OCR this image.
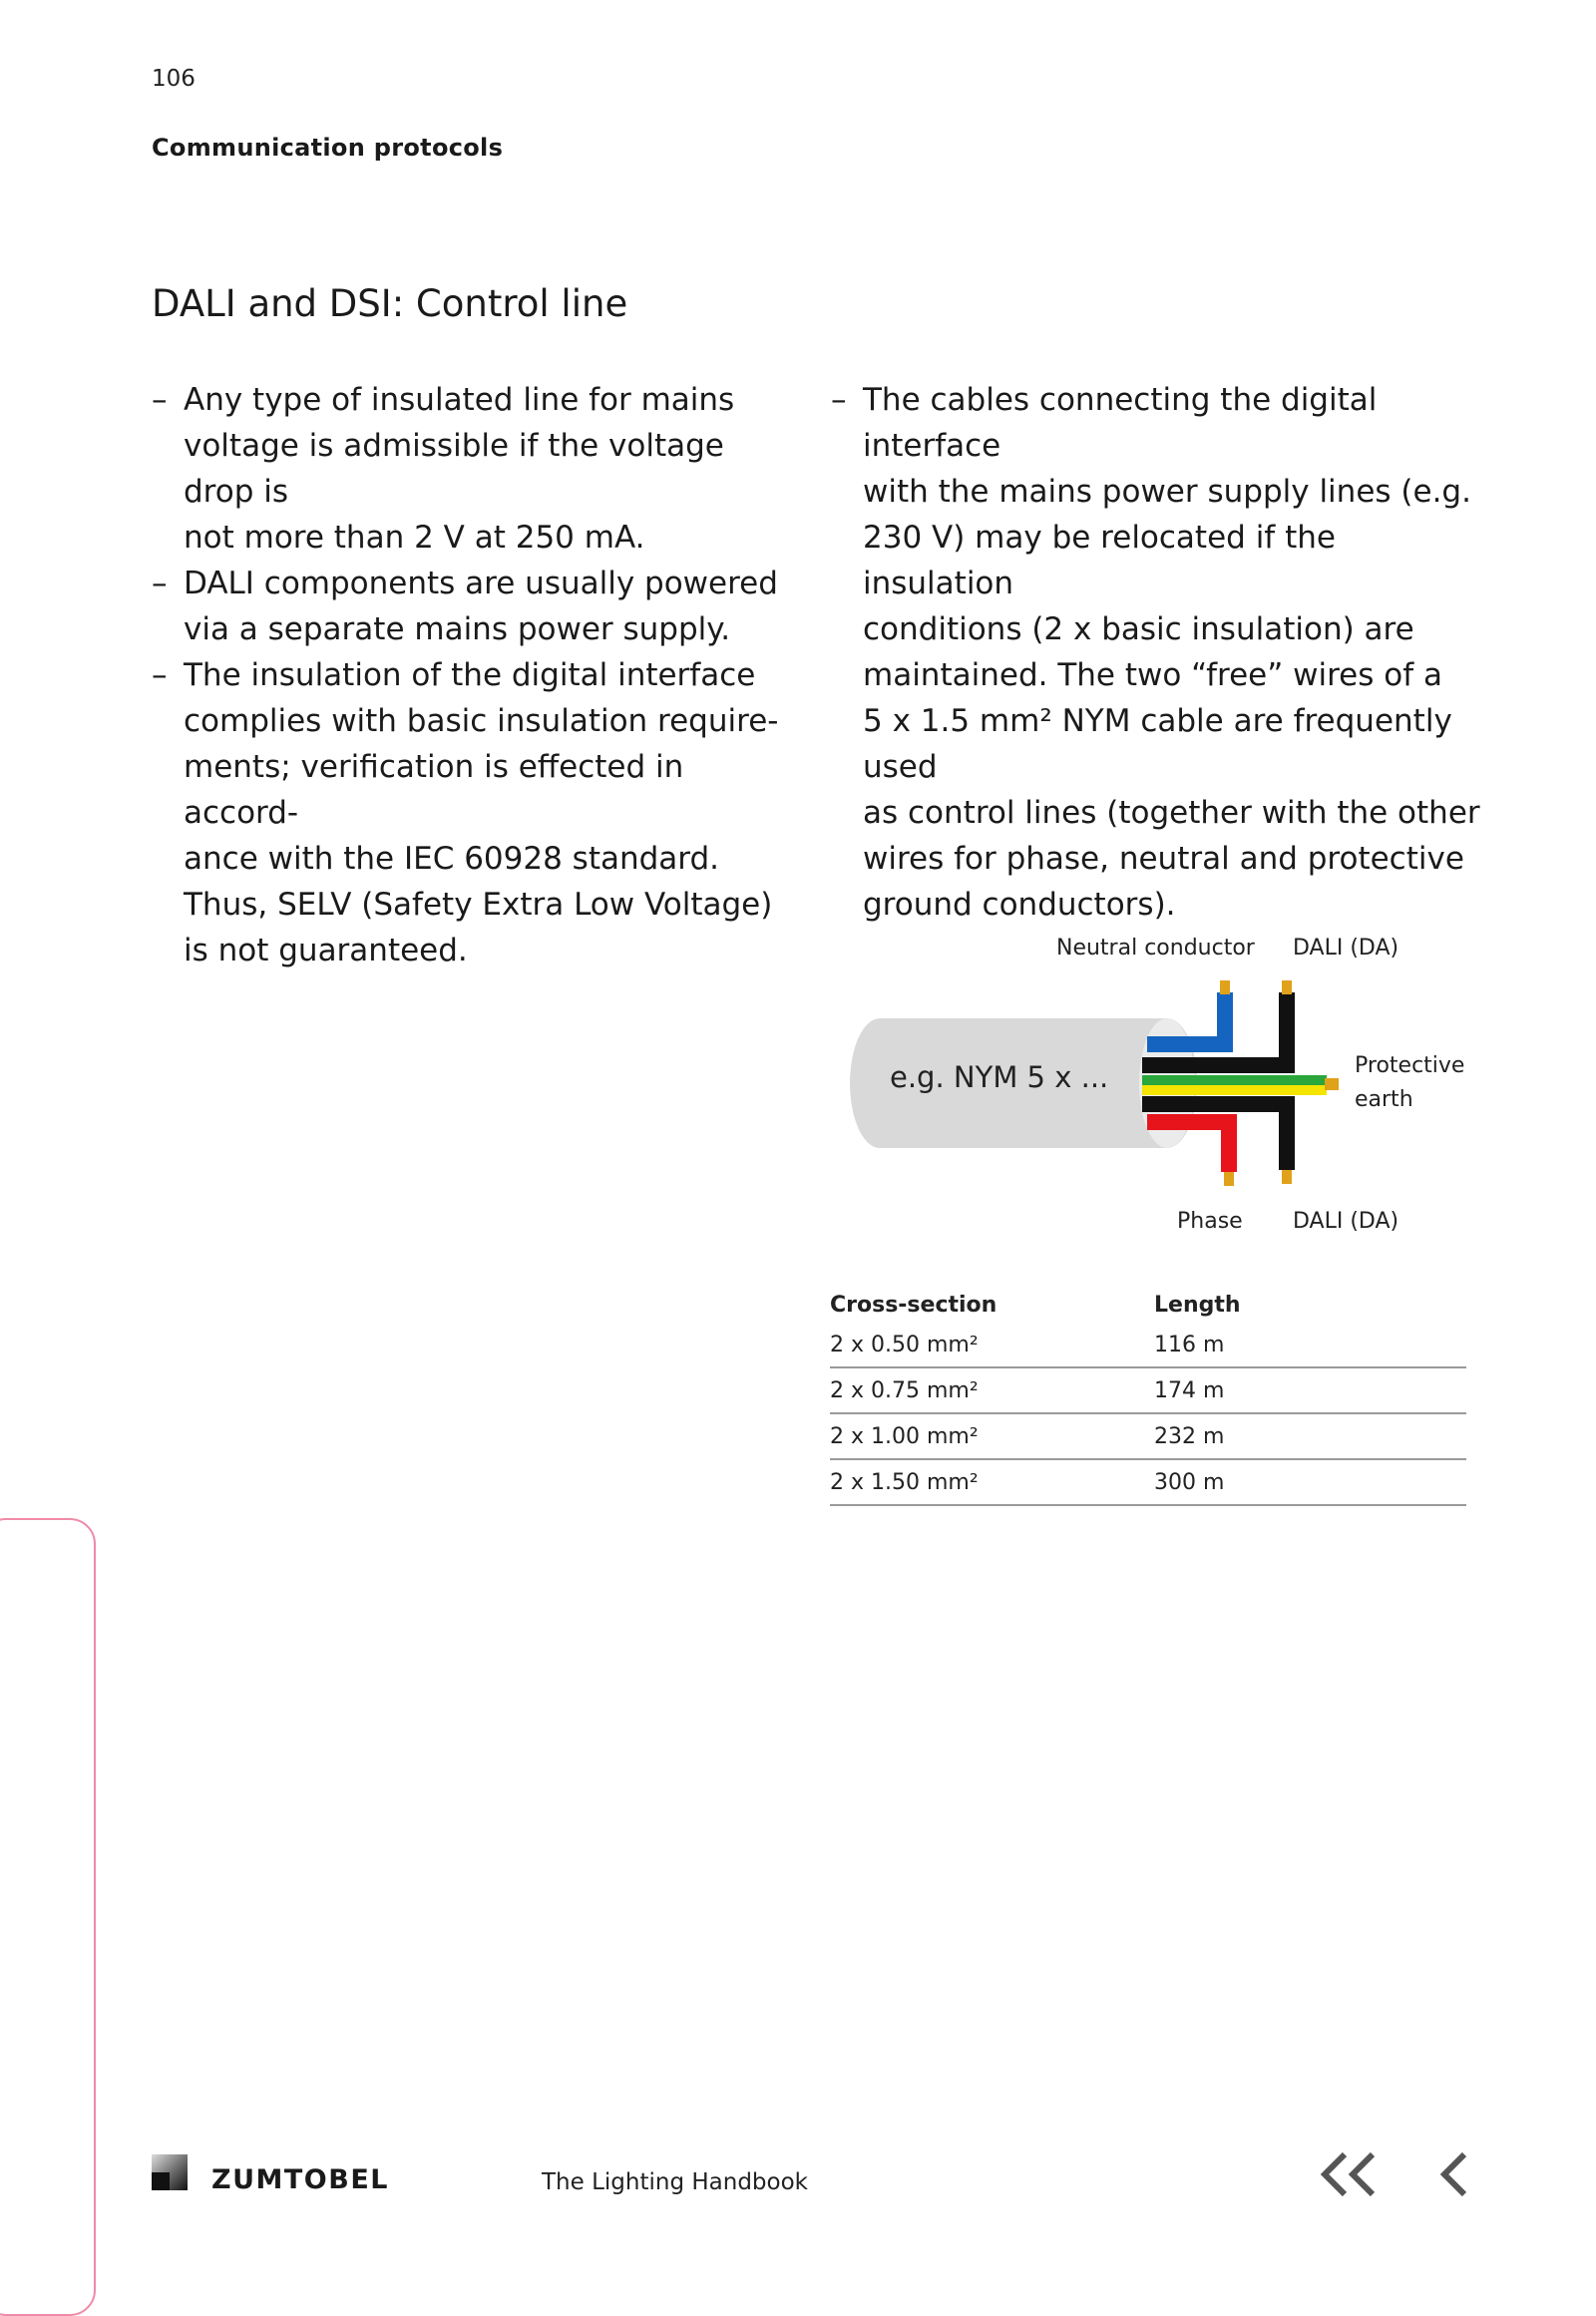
106
Communication protocols
DALI and DSI: Control line
– Any type of insulated line for mains
voltage is admissible if the voltage drop is
not more than 2 V at 250 mA.
– DALI components are usually powered
via a separate mains power supply.
– The insulation of the digital interface
complies with basic insulation require-
ments; verification is effected in accord-
ance with the IEC 60928 standard.
Thus, SELV (Safety Extra Low Voltage)
is not guaranteed.
– The cables connecting the digital interface
with the mains power supply lines (e.g.
230 V) may be relocated if the insulation
conditions (2 x basic insulation) are
maintained. The two “free” wires of a
5 x 1.5 mm² NYM cable are frequently used
as control lines (together with the other
wires for phase, neutral and protective
ground conductors).
e.g. NYM 5 x ...
Neutral conductor DALI (DA)
Protective
earth
Phase DALI (DA)
Cross-section	Length
2 x 0.50 mm²	116 m
2 x 0.75 mm²	174 m
2 x 1.00 mm²	232 m
2 x 1.50 mm²	300 m
ZUMTOBEL	The Lighting Handbook
